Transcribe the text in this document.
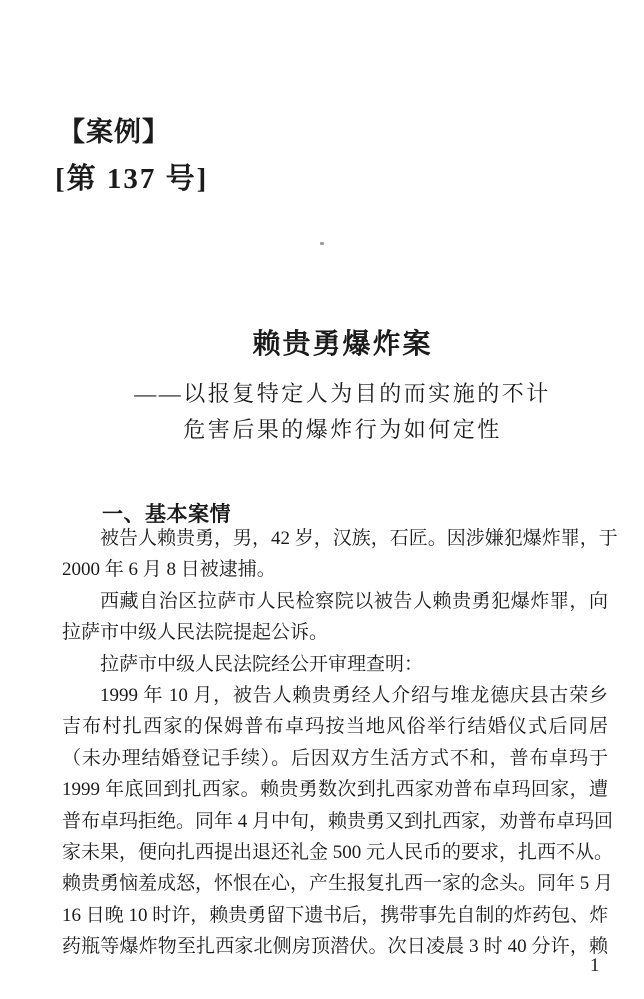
【案例】
[第 137 号]
赖贵勇爆炸案
——以报复特定人为目的而实施的不计
危害后果的爆炸行为如何定性
一、基本案情
被告人赖贵勇，男，42 岁，汉族，石匠。因涉嫌犯爆炸罪，于
2000 年 6 月 8 日被逮捕。
西藏自治区拉萨市人民检察院以被告人赖贵勇犯爆炸罪，向
拉萨市中级人民法院提起公诉。
拉萨市中级人民法院经公开审理查明：
1999 年 10 月，被告人赖贵勇经人介绍与堆龙德庆县古荣乡
吉布村扎西家的保姆普布卓玛按当地风俗举行结婚仪式后同居
（未办理结婚登记手续）。后因双方生活方式不和，普布卓玛于
1999 年底回到扎西家。赖贵勇数次到扎西家劝普布卓玛回家，遭
普布卓玛拒绝。同年 4 月中旬，赖贵勇又到扎西家，劝普布卓玛回
家未果，便向扎西提出退还礼金 500 元人民币的要求，扎西不从。
赖贵勇恼羞成怒，怀恨在心，产生报复扎西一家的念头。同年 5 月
16 日晚 10 时许，赖贵勇留下遗书后，携带事先自制的炸药包、炸
药瓶等爆炸物至扎西家北侧房顶潜伏。次日凌晨 3 时 40 分许，赖
1
